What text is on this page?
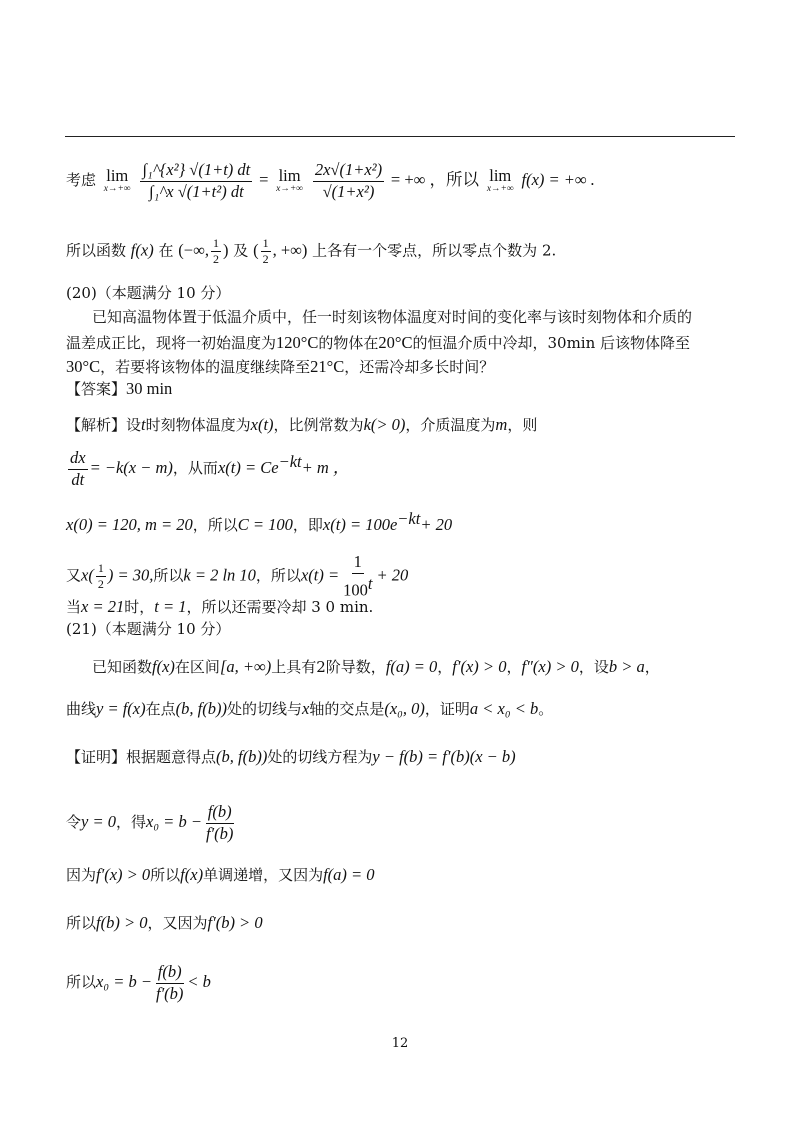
考虑 lim
x→+∞
$\frac{\text{∫₁\textasciicircum{}\{x²\} √(1+t) dt}}{\text{∫₁\textasciicircum{}x √(1+t²) dt}} = \lim$
x→+∞
$\frac{\text{2x√(1+x²)}}{\text{√(1+x²)}}$ = +∞ ，所以 lim
x→+∞ f(x) = +∞ .
所以函数 f(x) 在 (−∞, $\frac{1}{2}$ ) 及 ( $\frac{1}{2}$ , +∞) 上各有一个零点，所以零点个数为 2.
(20)（本题满分 10 分）
已知高温物体置于低温介质中，任一时刻该物体温度对时间的变化率与该时刻物体和介质的
温差成正比，现将一初始温度为120°C的物体在20°C的恒温介质中冷却，30min 后该物体降至
30°C，若要将该物体的温度继续降至21°C，还需冷却多长时间？
【答案】30 min
【解析】设t时刻物体温度为x(t)，比例常数为k(> 0)，介质温度为m，则
$\frac{dx}{dt} = -k(x - m)$，从而$x(t) = Ce^{-kt}+ m$ ，
x(0) = 120, m = 20，所以C = 100，即$x(t) = 100e^{-kt}+ 20$
又$x( \frac{1}{2}$ ) = 30,所以k = 2 ln 10，所以$x(t) = \frac{1}{100^t} + 20$
当x = 21时，t = 1，所以还需要冷却 3 0 min.
(21)（本题满分 10 分）
已知函数f(x)在区间[a, +∞)上具有2阶导数，f(a) = 0，f′(x) > 0，f″(x) > 0，设b > a，
曲线y = f(x)在点(b, f(b))处的切线与x轴的交点是(x₀, 0)，证明a < x₀ < b。
【证明】根据题意得点(b, f(b))处的切线方程为y − f(b) = f′(b)(x − b)
令y = 0，得$x_0 = b - \frac{f(b)}{f'(b)}$
因为f′(x) > 0所以f(x)单调递增，又因为f(a) = 0
所以f(b) > 0，又因为f′(b) > 0
所以$x_0 = b - \frac{f(b)}{f'(b)} < b$
12
